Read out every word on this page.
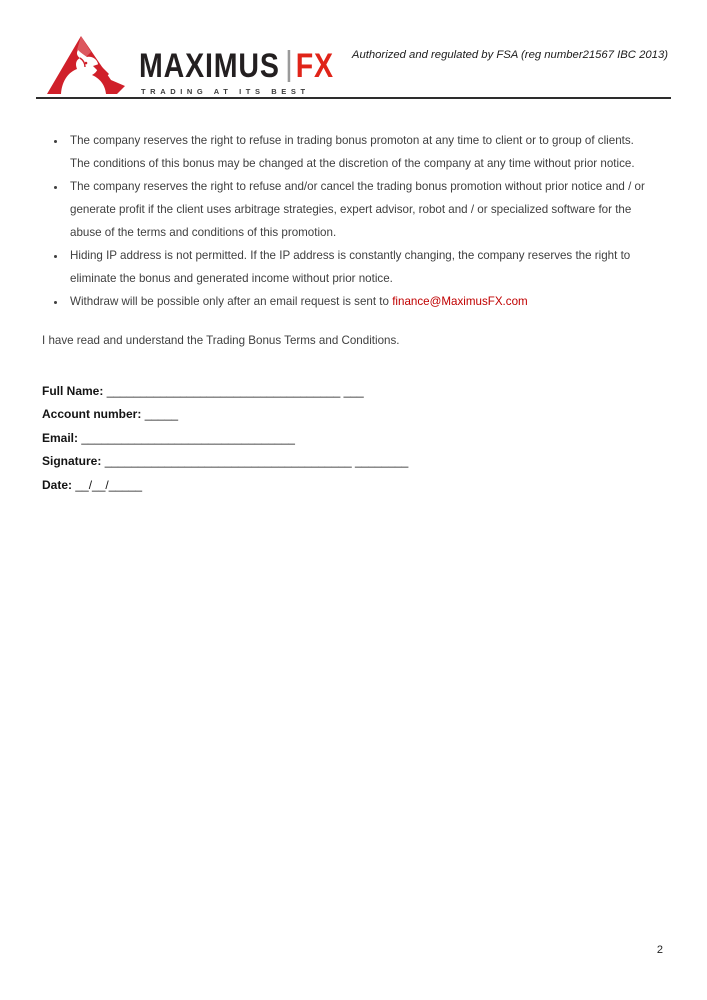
MAXIMUS FX
TRADING AT ITS BEST
Authorized and regulated by FSA (reg number21567 IBC 2013)
• The company reserves the right to refuse in trading bonus promoton at any time to client or to group of clients. The conditions of this bonus may be changed at the discretion of the company at any time without prior notice.
• The company reserves the right to refuse and/or cancel the trading bonus promotion without prior notice and / or generate profit if the client uses arbitrage strategies, expert advisor, robot and / or specialized software for the abuse of the terms and conditions of this promotion.
• Hiding IP address is not permitted. If the IP address is constantly changing, the company reserves the right to eliminate the bonus and generated income without prior notice.
• Withdraw will be possible only after an email request is sent to finance@MaximusFX.com

I have read and understand the Trading Bonus Terms and Conditions.

Full Name: ___________________________________ ___
Account number: _____
Email: ________________________________
Signature: _____________________________________ ________
Date: __/__/_____
2
